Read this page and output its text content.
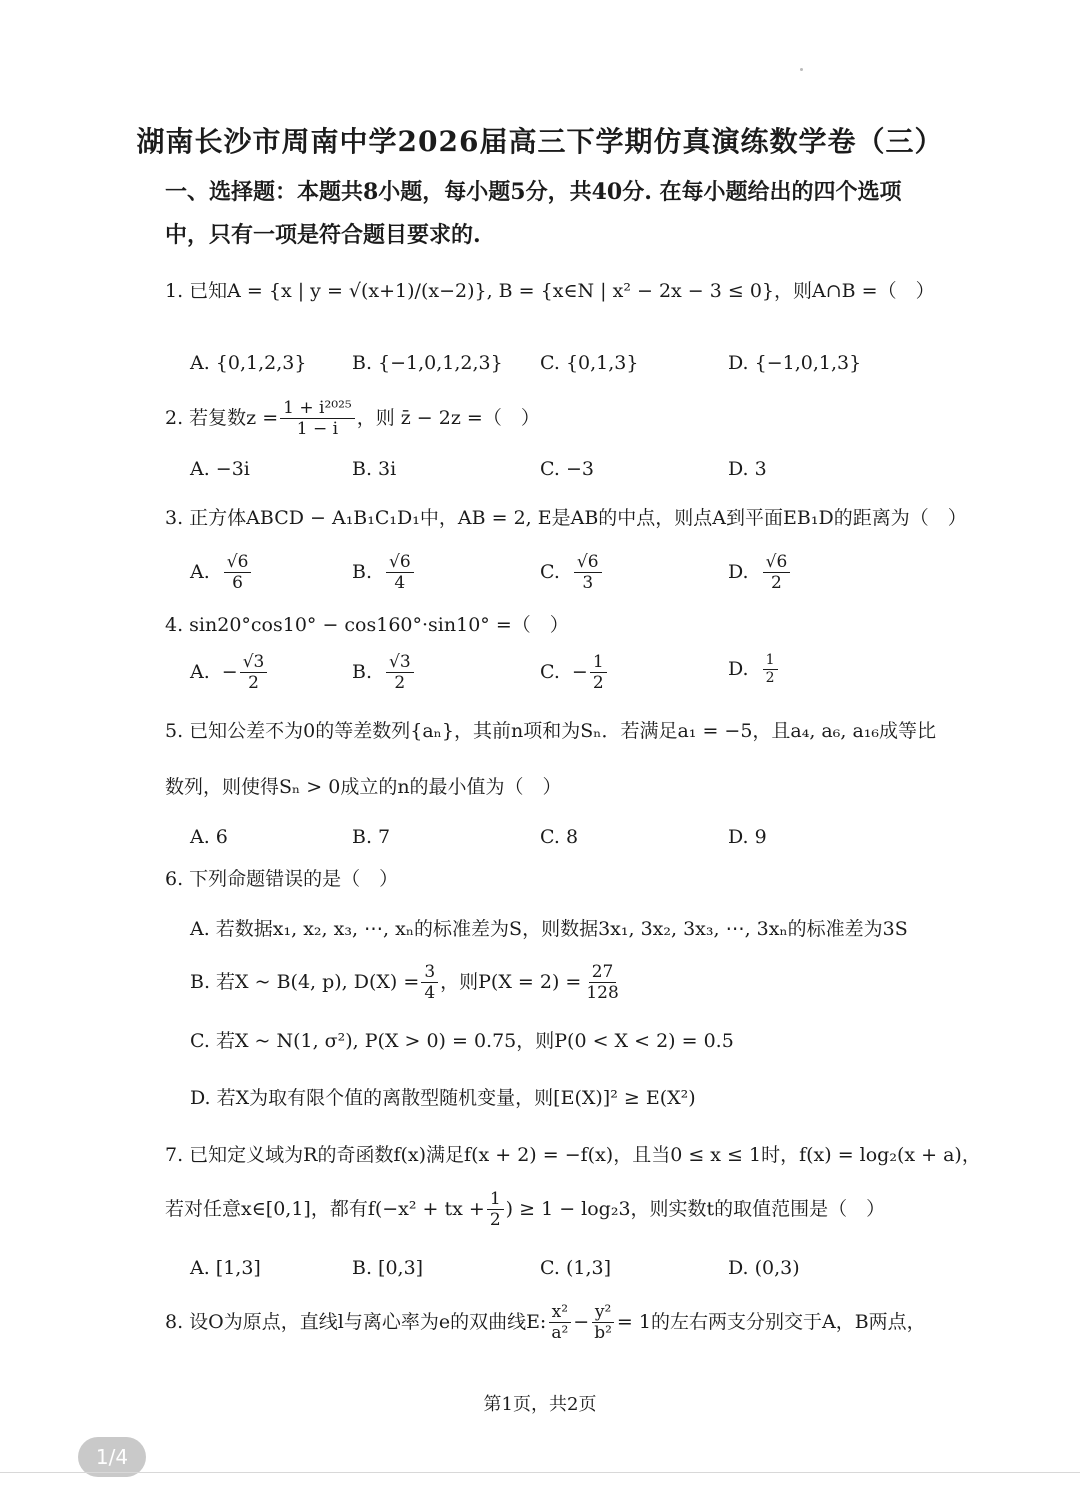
湖南长沙市周南中学2026届高三下学期仿真演练数学卷（三）
一、选择题：本题共8小题，每小题5分，共40分. 在每小题给出的四个选项
中，只有一项是符合题目要求的.
1. 已知A = {x | y = √(x+1)/(x−2)}, B = {x∈N | x² − 2x − 3 ≤ 0}，则A∩B =（　）
A. {0,1,2,3} B. {−1,0,1,2,3} C. {0,1,3}	D. {−1,0,1,3}
2. 若复数$z = \frac{\text{1 + i²⁰²⁵}}{1 - i}$ ，则 z̄ − 2z =（　）
A. −3i	B. 3i	C. −3	D. 3
3. 正方体ABCD − A₁B₁C₁D₁中，AB = 2, E是AB的中点，则点A到平面EB₁D的距离为（　）
A. $\frac{√6}{6}$	B. $\frac{√6}{4}$	C. $\frac{√6}{3}$	D. $\frac{√6}{2}$
4. sin20°cos10° − cos160°·sin10° =（　）
A. − $\frac{√3}{2}$	B. $\frac{√3}{2}$	C. − $\frac{1}{2}$	D. $\frac{1}{2}$
5. 已知公差不为0的等差数列{aₙ}，其前n项和为Sₙ．若满足a₁ = −5，且a₄, a₆, a₁₆成等比
数列，则使得Sₙ > 0成立的n的最小值为（　）
A. 6	B. 7	C. 8	D. 9
6. 下列命题错误的是（　）
A. 若数据x₁, x₂, x₃, ⋯, xₙ的标准差为S，则数据3x₁, 3x₂, 3x₃, ⋯, 3xₙ的标准差为3S
B. 若X ~ B(4, p), $D(X) = \frac{3}{4}$ ，则$P(X = 2) = \frac{27}{128}$
C. 若X ~ N(1, σ²), P(X > 0) = 0.75，则P(0 < X < 2) = 0.5
D. 若X为取有限个值的离散型随机变量，则[E(X)]² ≥ E(X²)
7. 已知定义域为R的奇函数f(x)满足f(x + 2) = −f(x)，且当0 ≤ x ≤ 1时，f(x) = log₂(x + a)，
若对任意x∈[0,1]，都有f(−x² + tx + $\frac{1}{2}$ ) ≥ 1 − log₂3，则实数t的取值范围是（　）
A. [1,3]	B. [0,3]	C. (1,3]	D. (0,3)
8. 设O为原点，直线l与离心率为e的双曲线E: $\frac{\text{x²}}{\text{a²}} - \frac{\text{y²}}{\text{b²}} = 1$的左右两支分别交于A，B两点，
第1页，共2页
1/4
